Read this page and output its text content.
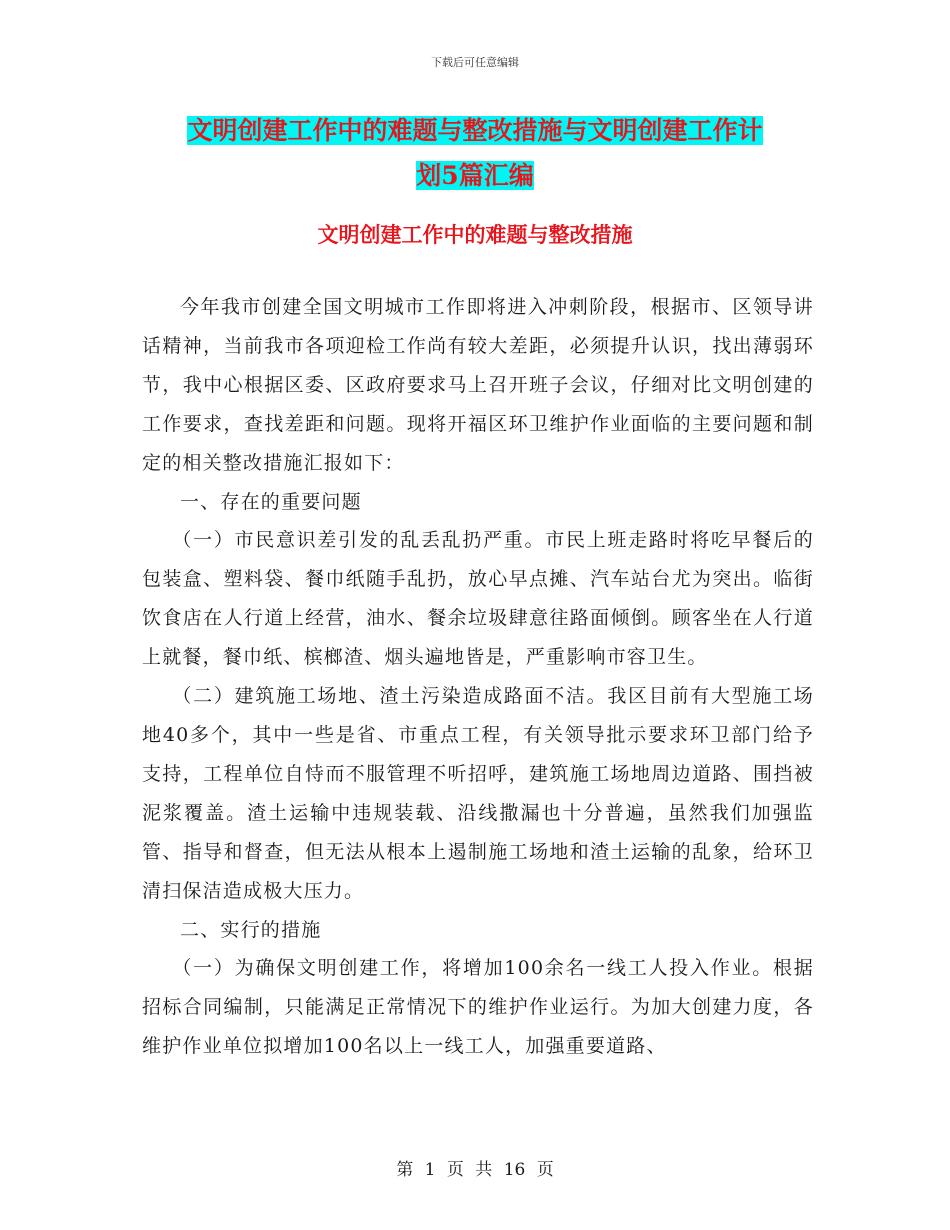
下载后可任意编辑
文明创建工作中的难题与整改措施与文明创建工作计
划5篇汇编
文明创建工作中的难题与整改措施

今年我市创建全国文明城市工作即将进入冲刺阶段，根据市、区领导讲话精神，当前我市各项迎检工作尚有较大差距，必须提升认识，找出薄弱环节，我中心根据区委、区政府要求马上召开班子会议，仔细对比文明创建的工作要求，查找差距和问题。现将开福区环卫维护作业面临的主要问题和制定的相关整改措施汇报如下：

一、存在的重要问题

（一）市民意识差引发的乱丢乱扔严重。市民上班走路时将吃早餐后的包装盒、塑料袋、餐巾纸随手乱扔，放心早点摊、汽车站台尤为突出。临街饮食店在人行道上经营，油水、餐余垃圾肆意往路面倾倒。顾客坐在人行道上就餐，餐巾纸、槟榔渣、烟头遍地皆是，严重影响市容卫生。

（二）建筑施工场地、渣土污染造成路面不洁。我区目前有大型施工场地40多个，其中一些是省、市重点工程，有关领导批示要求环卫部门给予支持，工程单位自恃而不服管理不听招呼，建筑施工场地周边道路、围挡被泥浆覆盖。渣土运输中违规装载、沿线撒漏也十分普遍，虽然我们加强监管、指导和督查，但无法从根本上遏制施工场地和渣土运输的乱象，给环卫清扫保洁造成极大压力。

二、实行的措施

（一）为确保文明创建工作，将增加100余名一线工人投入作业。根据招标合同编制，只能满足正常情况下的维护作业运行。为加大创建力度，各维护作业单位拟增加100名以上一线工人，加强重要道路、

第 1 页 共 16 页
